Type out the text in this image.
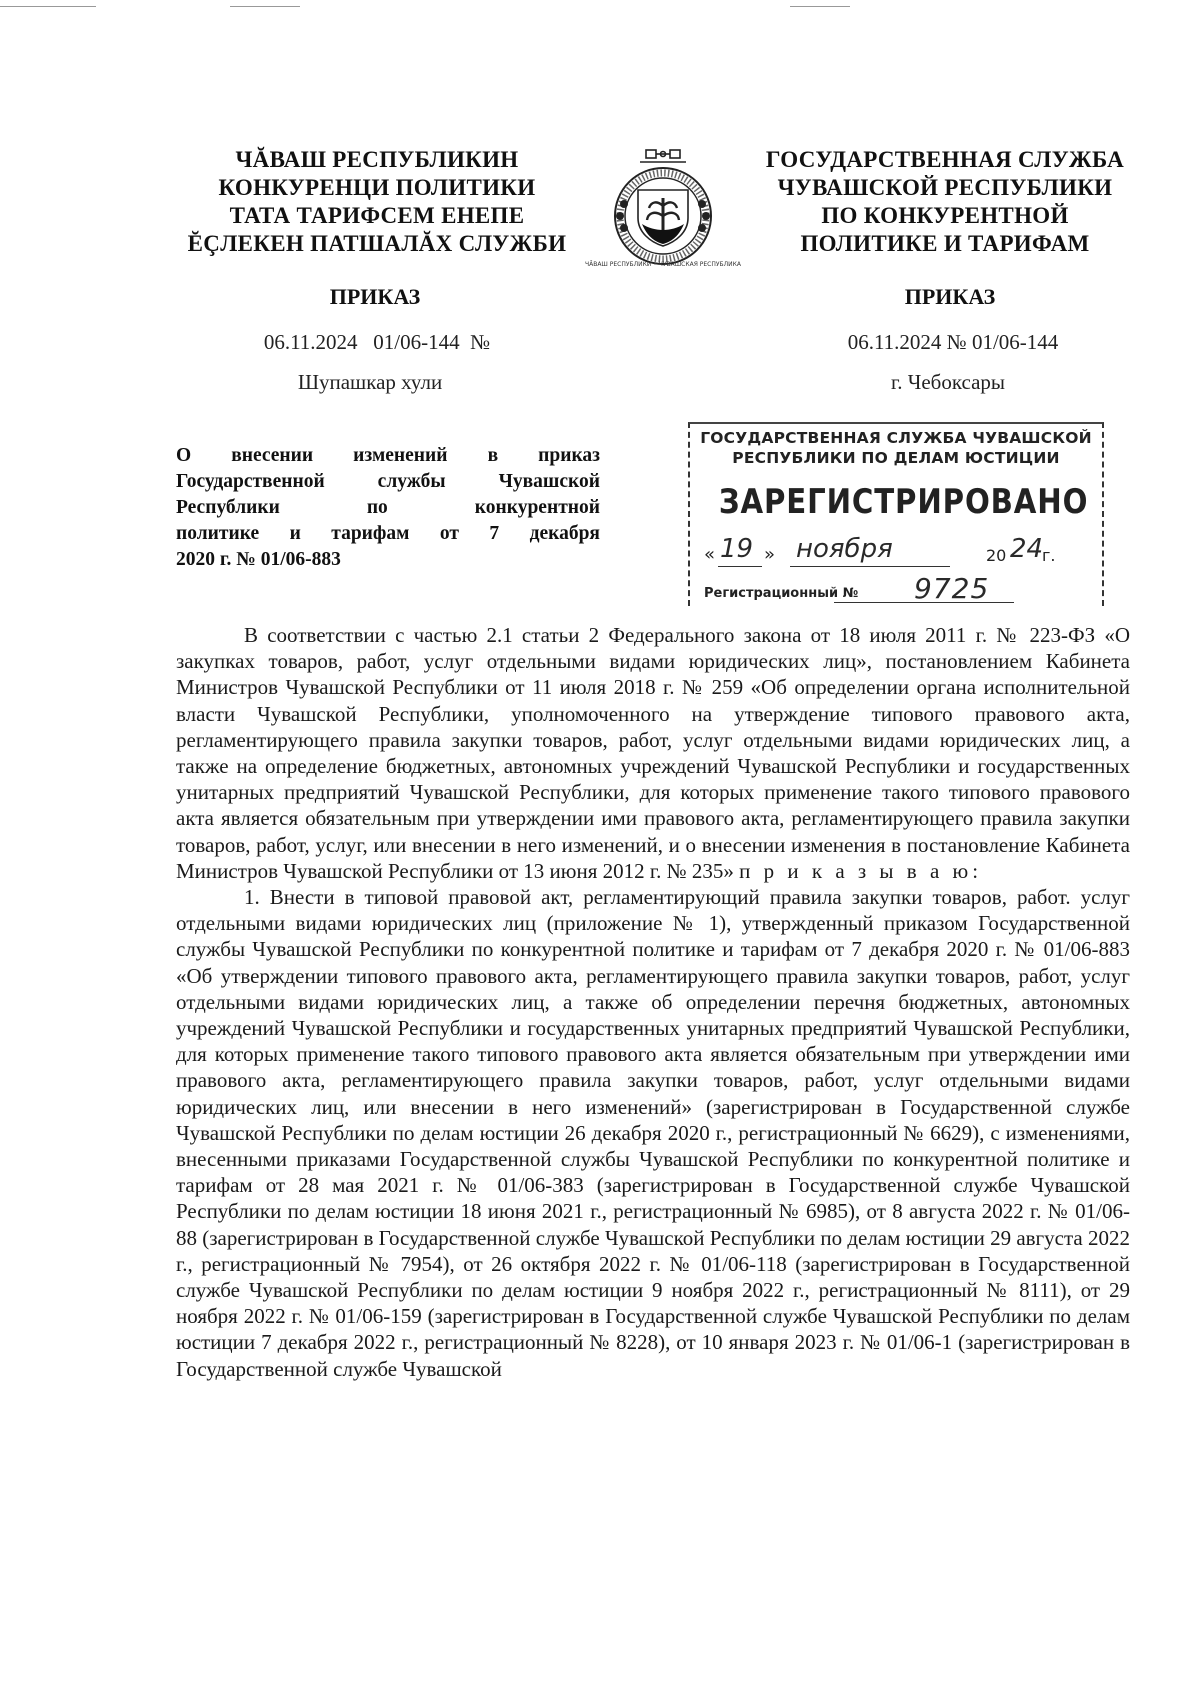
ЧĂВАШ РЕСПУБЛИКИН
КОНКУРЕНЦИ ПОЛИТИКИ
ТАТА ТАРИФСЕМ ЕНЕПЕ
ĔÇЛЕКЕН ПАТШАЛĂХ СЛУЖБИ
ЧĂВАШ РЕСПУБЛИКИ • ЧУВАШСКАЯ РЕСПУБЛИКА
ГОСУДАРСТВЕННАЯ СЛУЖБА
ЧУВАШСКОЙ РЕСПУБЛИКИ
ПО КОНКУРЕНТНОЙ
ПОЛИТИКЕ И ТАРИФАМ
ПРИКАЗ	ПРИКАЗ
06.11.2024   01/06-144  №	06.11.2024 № 01/06-144
Шупашкар хули	г. Чебоксары
О внесении изменений в приказ
Государственной службы Чувашской
Республики по конкурентной
политике и тарифам от 7 декабря
2020 г. № 01/06-883
ГОСУДАРСТВЕННАЯ СЛУЖБА ЧУВАШСКОЙ
РЕСПУБЛИКИ ПО ДЕЛАМ ЮСТИЦИИ
ЗАРЕГИСТРИРОВАНО
« 19 » ноября	20 24
г.
Регистрационный № 9725

В соответствии с частью 2.1 статьи 2 Федерального закона от 18 июля 2011 г. № 223-ФЗ «О закупках товаров, работ, услуг отдельными видами юридических лиц», постановлением Кабинета Министров Чувашской Республики от 11 июля 2018 г. № 259 «Об определении органа исполнительной власти Чувашской Республики, уполномоченного на утверждение типового правового акта, регламентирующего правила закупки товаров, работ, услуг отдельными видами юридических лиц, а также на определение бюджетных, автономных учреждений Чувашской Республики и государственных унитарных предприятий Чувашской Республики, для которых применение такого типового правового акта является обязательным при утверждении ими правового акта, регламентирующего правила закупки товаров, работ, услуг, или внесении в него изменений, и о внесении изменения в постановление Кабинета Министров Чувашской Республики от 13 июня 2012 г. № 235» п р и к а з ы в а ю:

1. Внести в типовой правовой акт, регламентирующий правила закупки товаров, работ. услуг отдельными видами юридических лиц (приложение № 1), утвержденный приказом Государственной службы Чувашской Республики по конкурентной политике и тарифам от 7 декабря 2020 г. № 01/06-883 «Об утверждении типового правового акта, регламентирующего правила закупки товаров, работ, услуг отдельными видами юридических лиц, а также об определении перечня бюджетных, автономных учреждений Чувашской Республики и государственных унитарных предприятий Чувашской Республики, для которых применение такого типового правового акта является обязательным при утверждении ими правового акта, регламентирующего правила закупки товаров, работ, услуг отдельными видами юридических лиц, или внесении в него изменений» (зарегистрирован в Государственной службе Чувашской Республики по делам юстиции 26 декабря 2020 г., регистрационный № 6629), с изменениями, внесенными приказами Государственной службы Чувашской Республики по конкурентной политике и тарифам от 28 мая 2021 г. № 01/06-383 (зарегистрирован в Государственной службе Чувашской Республики по делам юстиции 18 июня 2021 г., регистрационный № 6985), от 8 августа 2022 г. № 01/06-88 (зарегистрирован в Государственной службе Чувашской Республики по делам юстиции 29 августа 2022 г., регистрационный № 7954), от 26 октября 2022 г. № 01/06-118 (зарегистрирован в Государственной службе Чувашской Республики по делам юстиции 9 ноября 2022 г., регистрационный № 8111), от 29 ноября 2022 г. № 01/06-159 (зарегистрирован в Государственной службе Чувашской Республики по делам юстиции 7 декабря 2022 г., регистрационный № 8228), от 10 января 2023 г. № 01/06-1 (зарегистрирован в Государственной службе Чувашской
